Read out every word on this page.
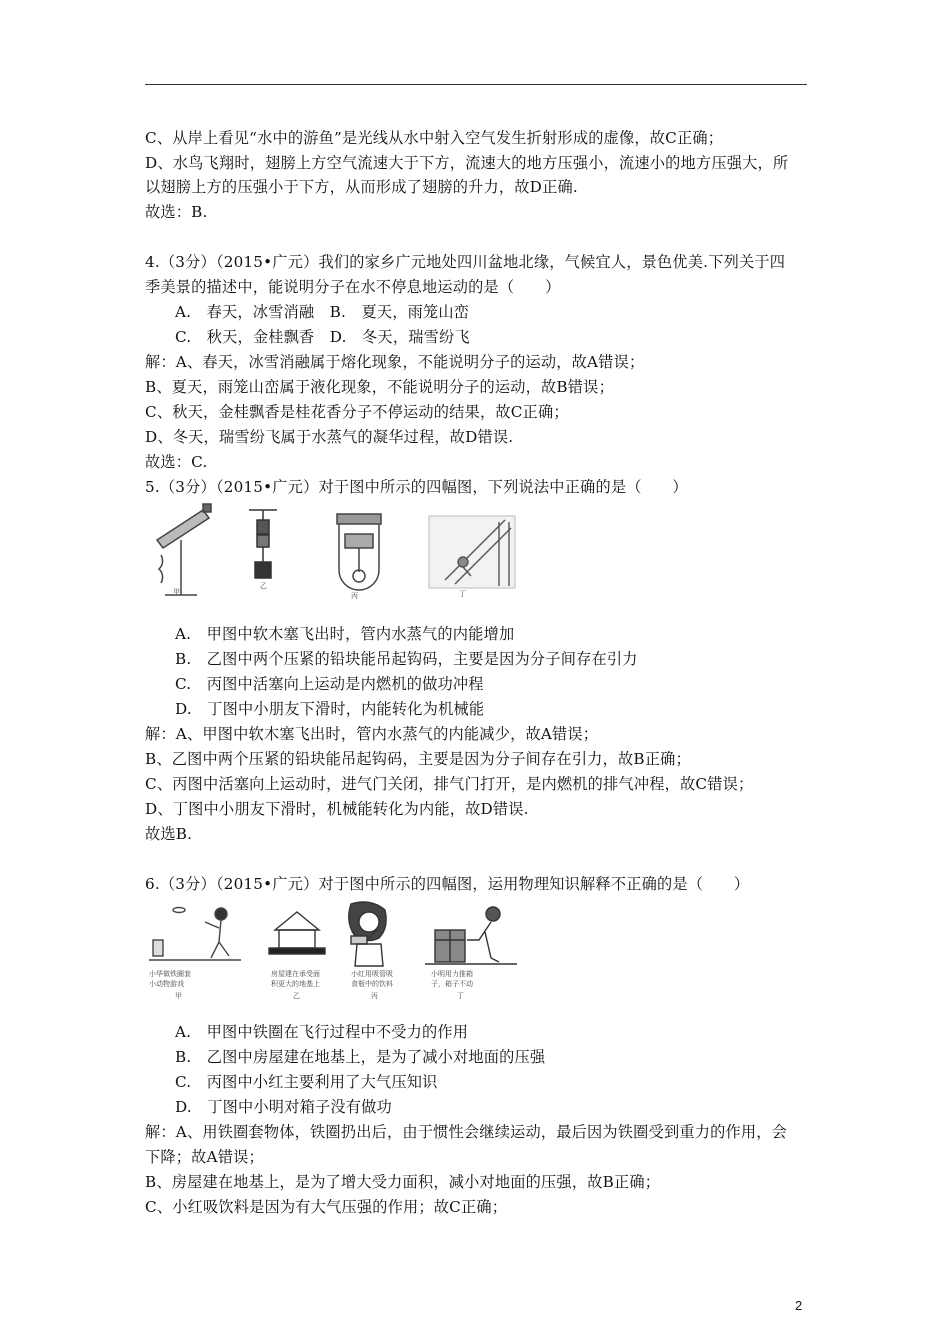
C、从岸上看见“水中的游鱼”是光线从水中射入空气发生折射形成的虚像，故C正确；
D、水鸟飞翔时，翅膀上方空气流速大于下方，流速大的地方压强小，流速小的地方压强大，所
以翅膀上方的压强小于下方，从而形成了翅膀的升力，故D正确.
故选：B.
4.（3分）（2015•广元）我们的家乡广元地处四川盆地北缘，气候宜人，景色优美.下列关于四
季美景的描述中，能说明分子在水不停息地运动的是（　　）
A.　春天，冰雪消融　B.　夏天，雨笼山峦
C.　秋天，金桂飘香　D.　冬天，瑞雪纷飞
解：A、春天，冰雪消融属于熔化现象，不能说明分子的运动，故A错误；
B、夏天，雨笼山峦属于液化现象，不能说明分子的运动，故B错误；
C、秋天，金桂飘香是桂花香分子不停运动的结果，故C正确；
D、冬天，瑞雪纷飞属于水蒸气的凝华过程，故D错误.
故选：C.
5.（3分）（2015•广元）对于图中所示的四幅图，下列说法中正确的是（　　）
甲
乙
丙	丁
A.　甲图中软木塞飞出时，管内水蒸气的内能增加
B.　乙图中两个压紧的铅块能吊起钩码，主要是因为分子间存在引力
C.　丙图中活塞向上运动是内燃机的做功冲程
D.　丁图中小朋友下滑时，内能转化为机械能
解：A、甲图中软木塞飞出时，管内水蒸气的内能减少，故A错误；
B、乙图中两个压紧的铅块能吊起钩码，主要是因为分子间存在引力，故B正确；
C、丙图中活塞向上运动时，进气门关闭，排气门打开，是内燃机的排气冲程，故C错误；
D、丁图中小朋友下滑时，机械能转化为内能，故D错误.
故选B.
6.（3分）（2015•广元）对于图中所示的四幅图，运用物理知识解释不正确的是（　　）
小华做铁圈套
小动物游戏
甲
房屋建在承受面
积更大的地基上
乙
小红用吸管吸
食瓶中的饮料
丙
小明用力推箱
子，箱子不动
丁
A.　甲图中铁圈在飞行过程中不受力的作用
B.　乙图中房屋建在地基上，是为了减小对地面的压强
C.　丙图中小红主要利用了大气压知识
D.　丁图中小明对箱子没有做功
解：A、用铁圈套物体，铁圈扔出后，由于惯性会继续运动，最后因为铁圈受到重力的作用，会
下降；故A错误；
B、房屋建在地基上，是为了增大受力面积，减小对地面的压强，故B正确；
C、小红吸饮料是因为有大气压强的作用；故C正确；
2
